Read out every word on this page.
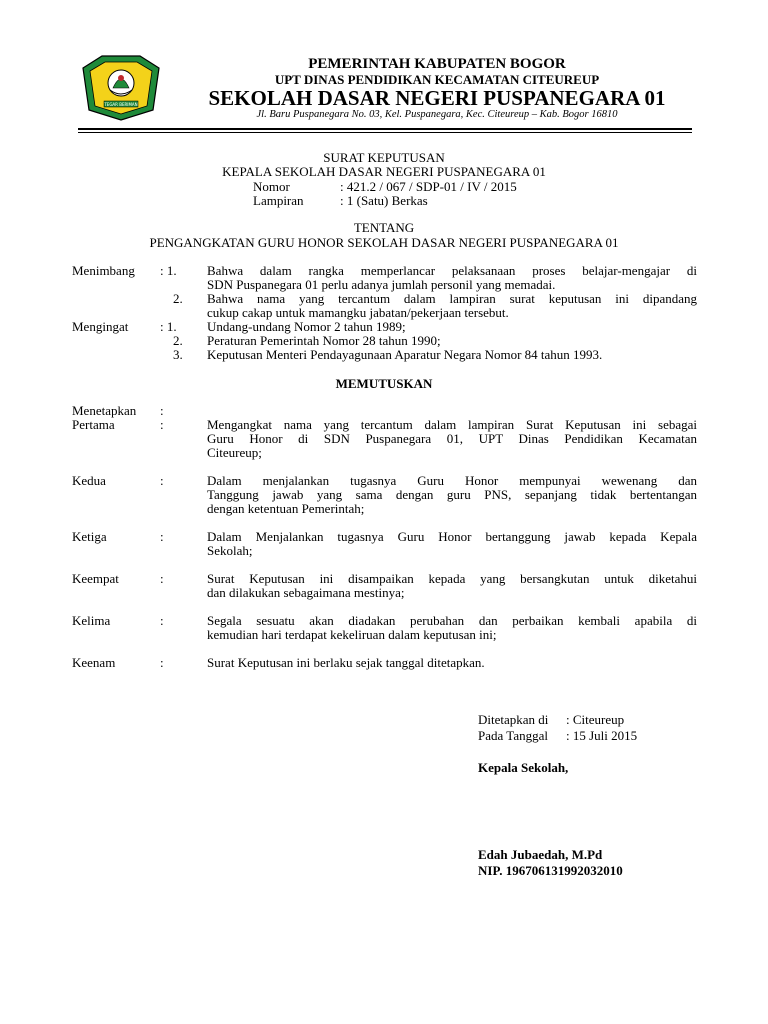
TEGAR BERIMAN
PEMERINTAH KABUPATEN BOGOR
UPT DINAS PENDIDIKAN KECAMATAN CITEUREUP
SEKOLAH DASAR NEGERI PUSPANEGARA 01
Jl. Baru Puspanegara No. 03, Kel. Puspanegara, Kec. Citeureup – Kab. Bogor 16810
SURAT KEPUTUSAN
KEPALA SEKOLAH DASAR NEGERI PUSPANEGARA 01
Nomor	: 421.2 / 067 / SDP-01 / IV / 2015
Lampiran	: 1 (Satu) Berkas
TENTANG
PENGANGKATAN GURU HONOR SEKOLAH DASAR NEGERI PUSPANEGARA 01
Menimbang : 1. Bahwa dalam rangka memperlancar pelaksanaan proses belajar-mengajar di
SDN Puspanegara 01 perlu adanya jumlah personil yang memadai.
2. Bahwa nama yang tercantum dalam lampiran surat keputusan ini dipandang
cukup cakap untuk mamangku jabatan/pekerjaan tersebut.
Mengingat : 1. Undang-undang Nomor 2 tahun 1989;
2. Peraturan Pemerintah Nomor 28 tahun 1990;
3. Keputusan Menteri Pendayagunaan Aparatur Negara Nomor 84 tahun 1993.
MEMUTUSKAN
Menetapkan :
Pertama	:	Mengangkat nama yang tercantum dalam lampiran Surat Keputusan ini sebagai
Guru Honor di SDN Puspanegara 01, UPT Dinas Pendidikan Kecamatan
Citeureup;
Kedua	:	Dalam menjalankan tugasnya Guru Honor mempunyai wewenang dan
Tanggung jawab yang sama dengan guru PNS, sepanjang tidak bertentangan
dengan ketentuan Pemerintah;
Ketiga	:	Dalam Menjalankan tugasnya Guru Honor bertanggung jawab kepada Kepala
Sekolah;
Keempat	:	Surat Keputusan ini disampaikan kepada yang bersangkutan untuk diketahui
dan dilakukan sebagaimana mestinya;
Kelima	:	Segala sesuatu akan diadakan perubahan dan perbaikan kembali apabila di
kemudian hari terdapat kekeliruan dalam keputusan ini;
Keenam	:	Surat Keputusan ini berlaku sejak tanggal ditetapkan.
Ditetapkan di : Citeureup
Pada Tanggal : 15 Juli 2015
Kepala Sekolah,
Edah Jubaedah, M.Pd
NIP. 196706131992032010
